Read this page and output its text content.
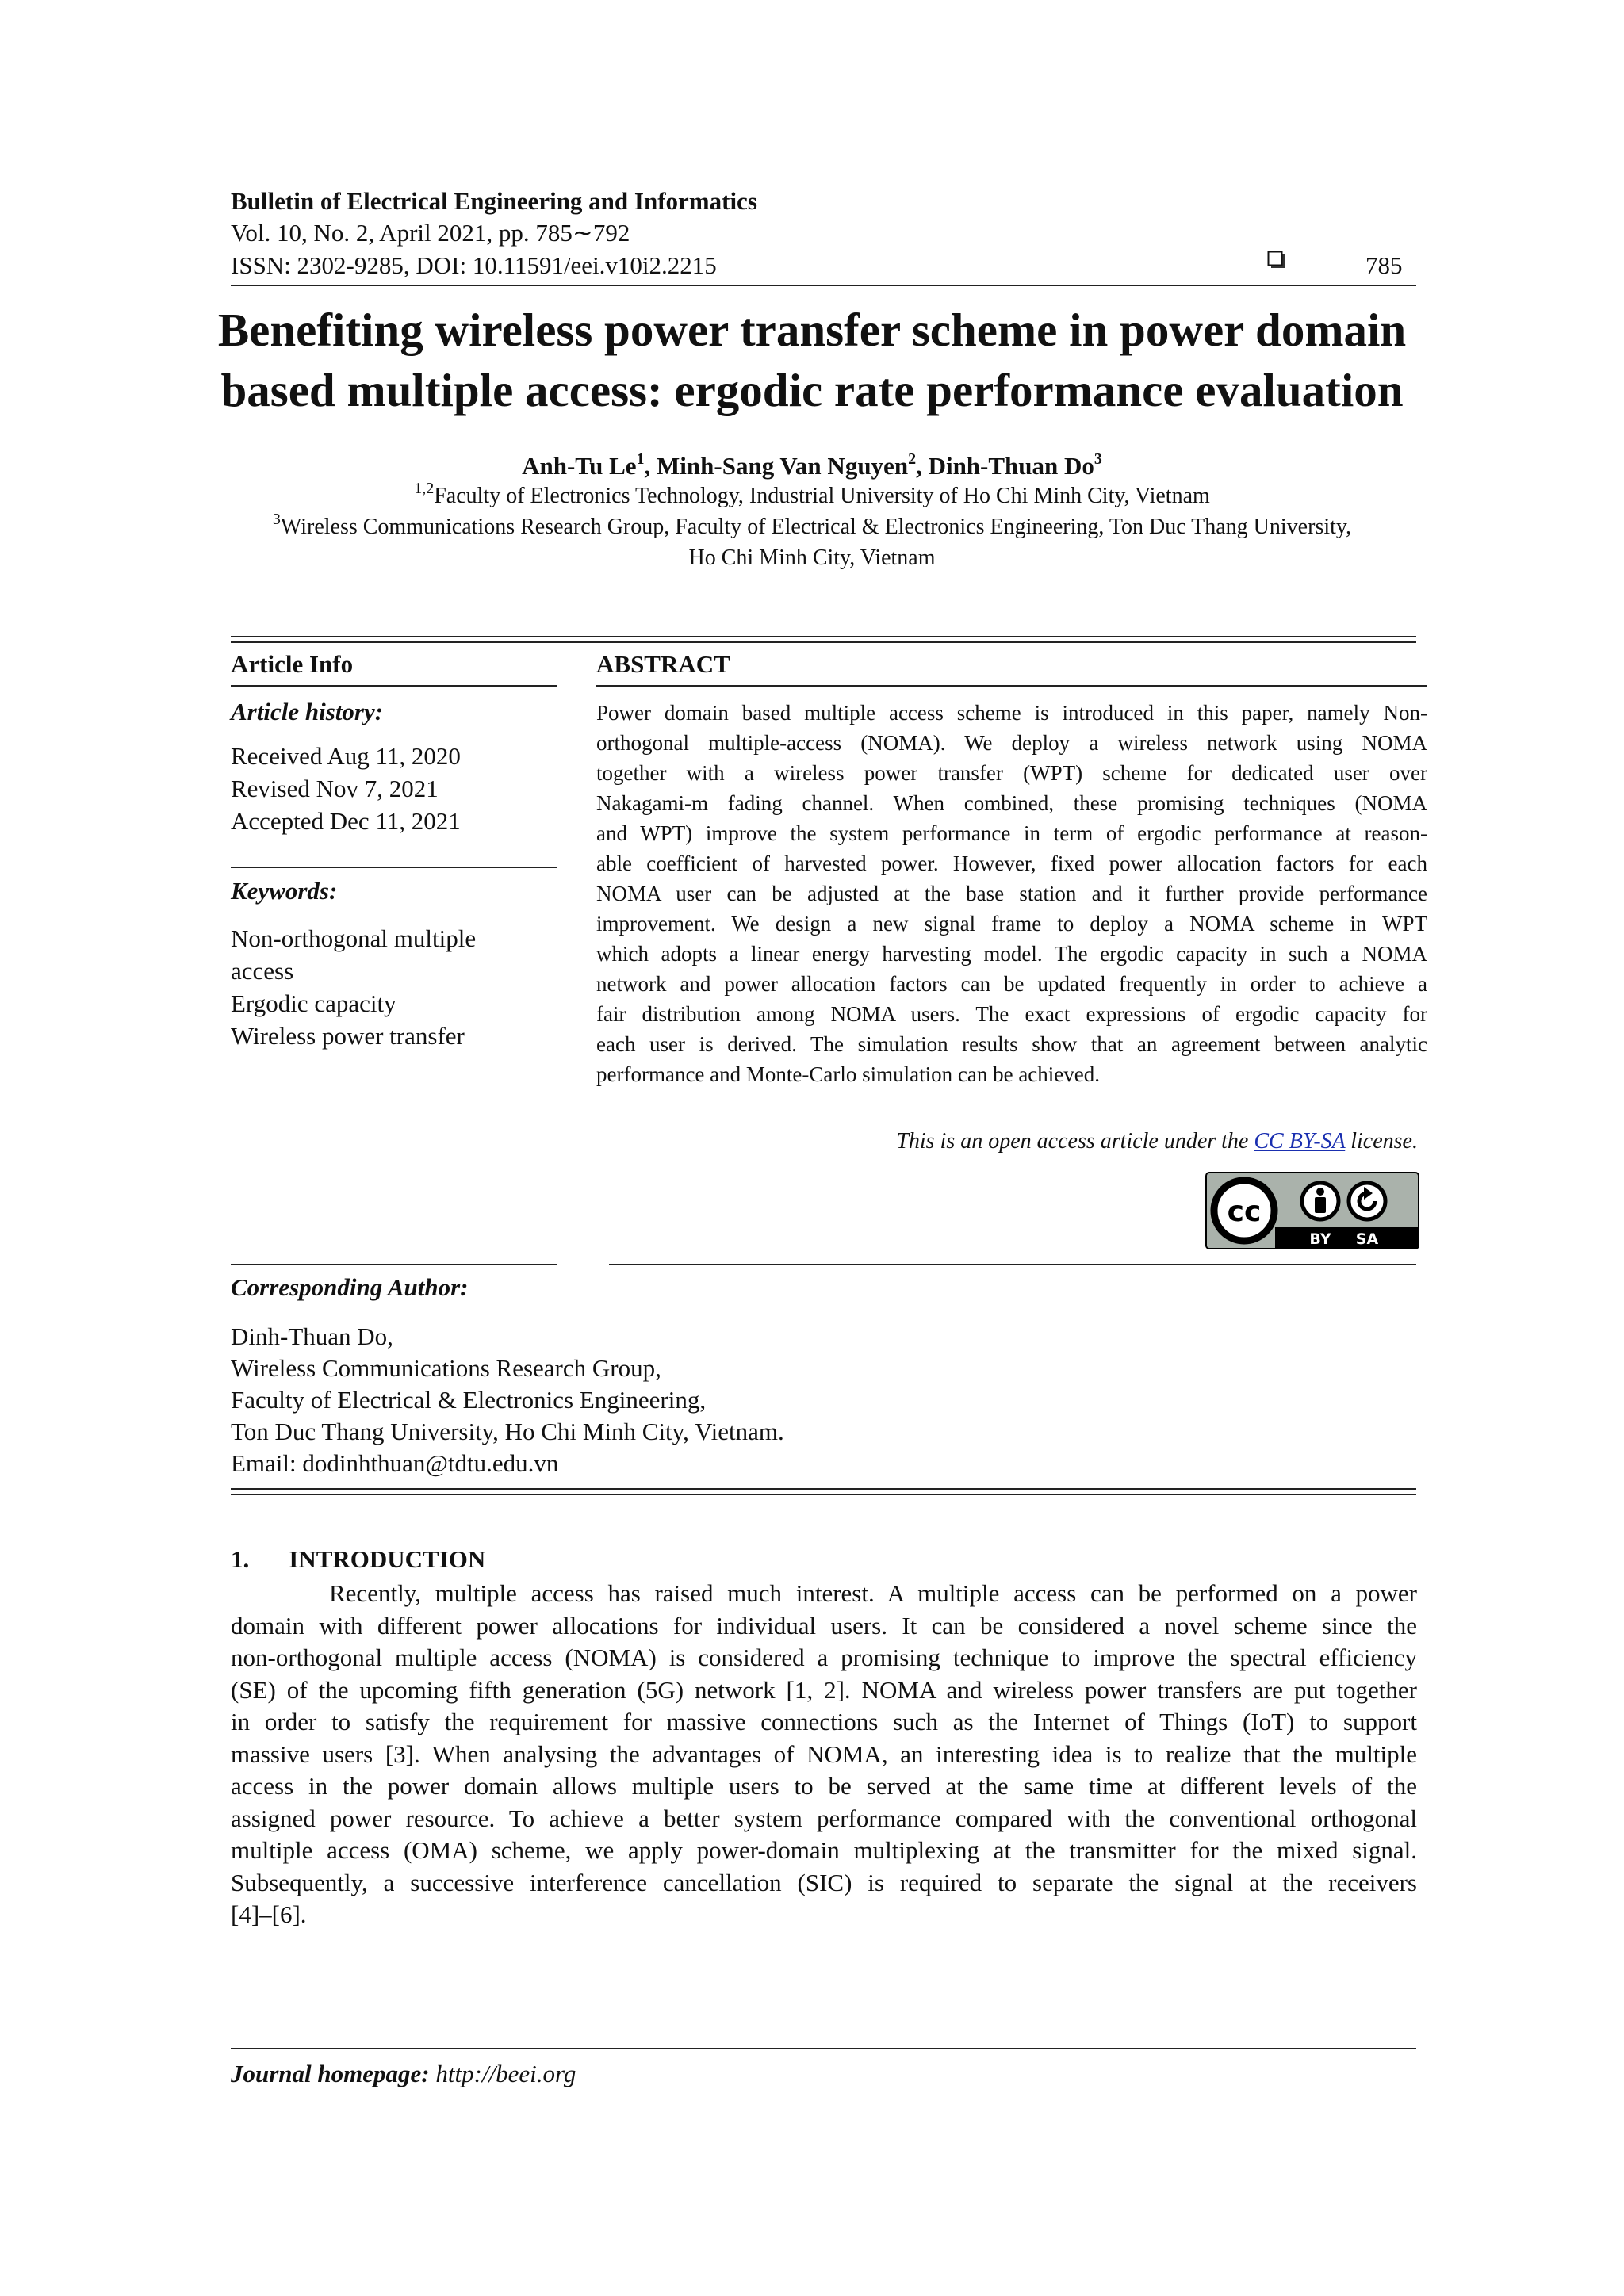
Bulletin of Electrical Engineering and Informatics
Vol. 10, No. 2, April 2021, pp. 785∼792
ISSN: 2302-9285, DOI: 10.11591/eei.v10i2.2215	785
Benefiting wireless power transfer scheme in power domain
based multiple access: ergodic rate performance evaluation
Anh-Tu Le$^1$, Minh-Sang Van Nguyen$^2$, Dinh-Thuan Do$^3$
$^{1,2}$Faculty of Electronics Technology, Industrial University of Ho Chi Minh City, Vietnam
$^3$Wireless Communications Research Group, Faculty of Electrical & Electronics Engineering, Ton Duc Thang University,
Ho Chi Minh City, Vietnam
Article Info
Article history:
Received Aug 11, 2020
Revised Nov 7, 2021
Accepted Dec 11, 2021
Keywords:
Non-orthogonal multiple
access
Ergodic capacity
Wireless power transfer
ABSTRACT
Power domain based multiple access scheme is introduced in this paper, namely Non-
orthogonal multiple-access (NOMA). We deploy a wireless network using NOMA
together with a wireless power transfer (WPT) scheme for dedicated user over
Nakagami-m fading channel. When combined, these promising techniques (NOMA
and WPT) improve the system performance in term of ergodic performance at reason-
able coefficient of harvested power. However, fixed power allocation factors for each
NOMA user can be adjusted at the base station and it further provide performance
improvement. We design a new signal frame to deploy a NOMA scheme in WPT
which adopts a linear energy harvesting model. The ergodic capacity in such a NOMA
network and power allocation factors can be updated frequently in order to achieve a
fair distribution among NOMA users. The exact expressions of ergodic capacity for
each user is derived. The simulation results show that an agreement between analytic
performance and Monte-Carlo simulation can be achieved.
This is an open access article under the CC BY-SA license.
cc
BY SA
Corresponding Author:
Dinh-Thuan Do,
Wireless Communications Research Group,
Faculty of Electrical & Electronics Engineering,
Ton Duc Thang University, Ho Chi Minh City, Vietnam.
Email: dodinhthuan@tdtu.edu.vn
1. INTRODUCTION
Recently, multiple access has raised much interest. A multiple access can be performed on a power
domain with different power allocations for individual users. It can be considered a novel scheme since the
non-orthogonal multiple access (NOMA) is considered a promising technique to improve the spectral efficiency
(SE) of the upcoming fifth generation (5G) network [1, 2]. NOMA and wireless power transfers are put together
in order to satisfy the requirement for massive connections such as the Internet of Things (IoT) to support
massive users [3]. When analysing the advantages of NOMA, an interesting idea is to realize that the multiple
access in the power domain allows multiple users to be served at the same time at different levels of the
assigned power resource. To achieve a better system performance compared with the conventional orthogonal
multiple access (OMA) scheme, we apply power-domain multiplexing at the transmitter for the mixed signal.
Subsequently, a successive interference cancellation (SIC) is required to separate the signal at the receivers
[4]–[6].
Journal homepage: http://beei.org
